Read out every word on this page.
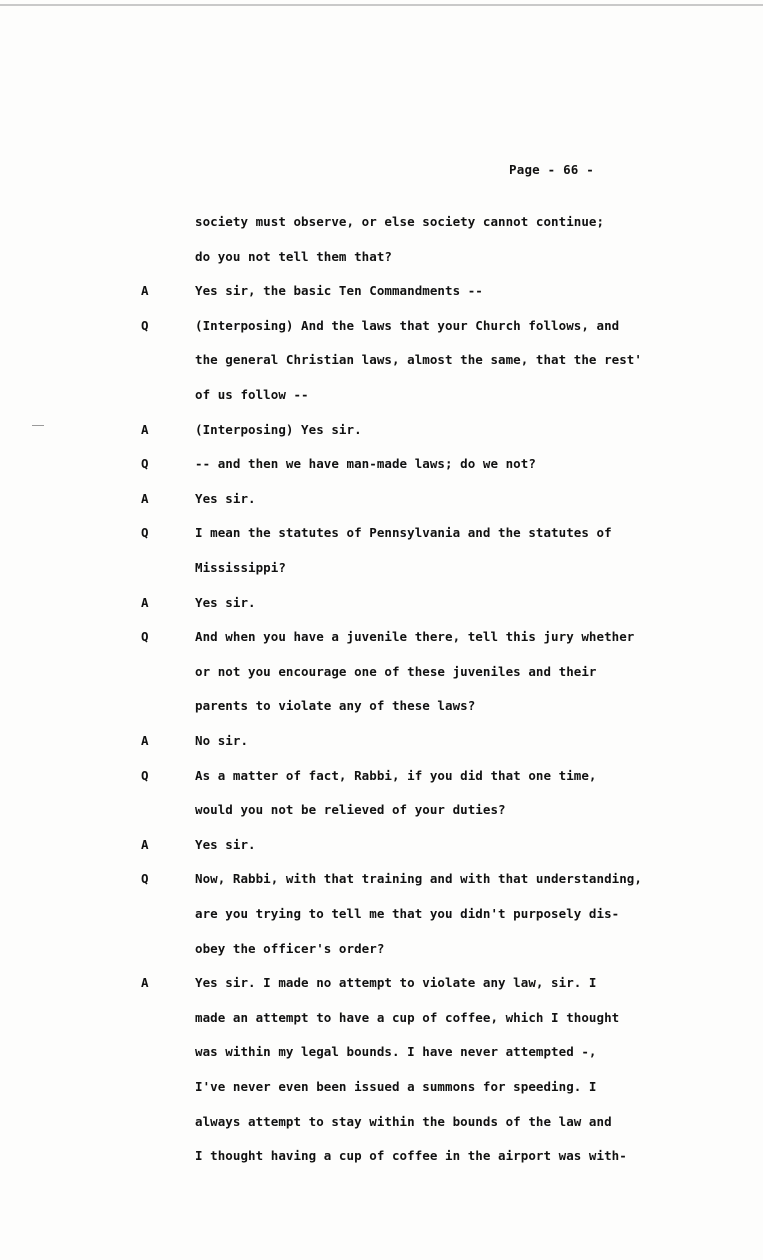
Page - 66 -
society must observe, or else society cannot continue;
do you not tell them that?
A	Yes sir, the basic Ten Commandments --
Q	(Interposing) And the laws that your Church follows, and
the general Christian laws, almost the same, that the rest'
of us follow --
A	(Interposing) Yes sir.
Q	-- and then we have man-made laws; do we not?
A	Yes sir.
Q	I mean the statutes of Pennsylvania and the statutes of
Mississippi?
A	Yes sir.
Q	And when you have a juvenile there, tell this jury whether
or not you encourage one of these juveniles and their
parents to violate any of these laws?
A	No sir.
Q	As a matter of fact, Rabbi, if you did that one time,
would you not be relieved of your duties?
A	Yes sir.
Q	Now, Rabbi, with that training and with that understanding,
are you trying to tell me that you didn't purposely dis-
obey the officer's order?
A	Yes sir. I made no attempt to violate any law, sir. I
made an attempt to have a cup of coffee, which I thought
was within my legal bounds. I have never attempted -,
I've never even been issued a summons for speeding. I
always attempt to stay within the bounds of the law and
I thought having a cup of coffee in the airport was with-
